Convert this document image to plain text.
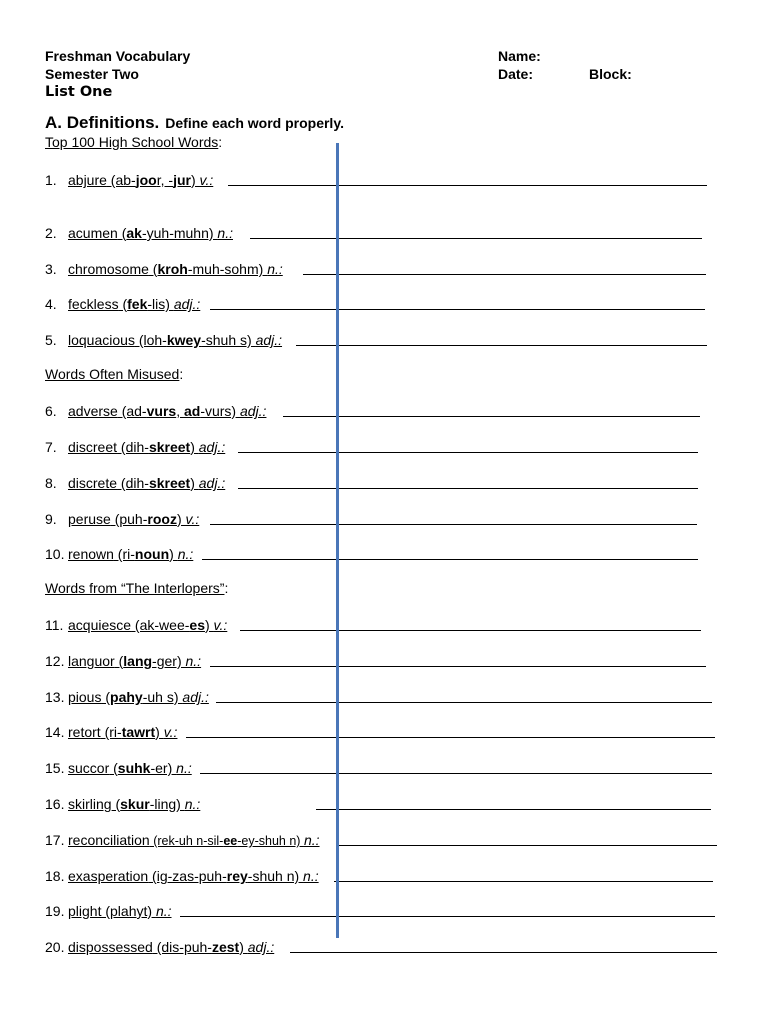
Freshman Vocabulary
Semester Two
List One
Name:
Date:	Block:
A. Definitions. Define each word properly.
Top 100 High School Words:
Words Often Misused:
Words from “The Interlopers”:
1. abjure (ab-joor, -jur) v.:
2. acumen (ak-yuh-muhn) n.:
3. chromosome (kroh-muh-sohm) n.:
4. feckless (fek-lis) adj.:
5. loquacious (loh-kwey-shuh s) adj.:
6. adverse (ad-vurs, ad-vurs) adj.:
7. discreet (dih-skreet) adj.:
8. discrete (dih-skreet) adj.:
9. peruse (puh-rooz) v.:
10. renown (ri-noun) n.:
11. acquiesce (ak-wee-es) v.:
12. languor (lang-ger) n.:
13. pious (pahy-uh s) adj.:
14. retort (ri-tawrt) v.:
15. succor (suhk-er) n.:
16. skirling (skur-ling) n.:
17. reconciliation (rek-uh n-sil-ee-ey-shuh n) n.:
18. exasperation (ig-zas-puh-rey-shuh n) n.:
19. plight (plahyt) n.:
20. dispossessed (dis-puh-zest) adj.:
